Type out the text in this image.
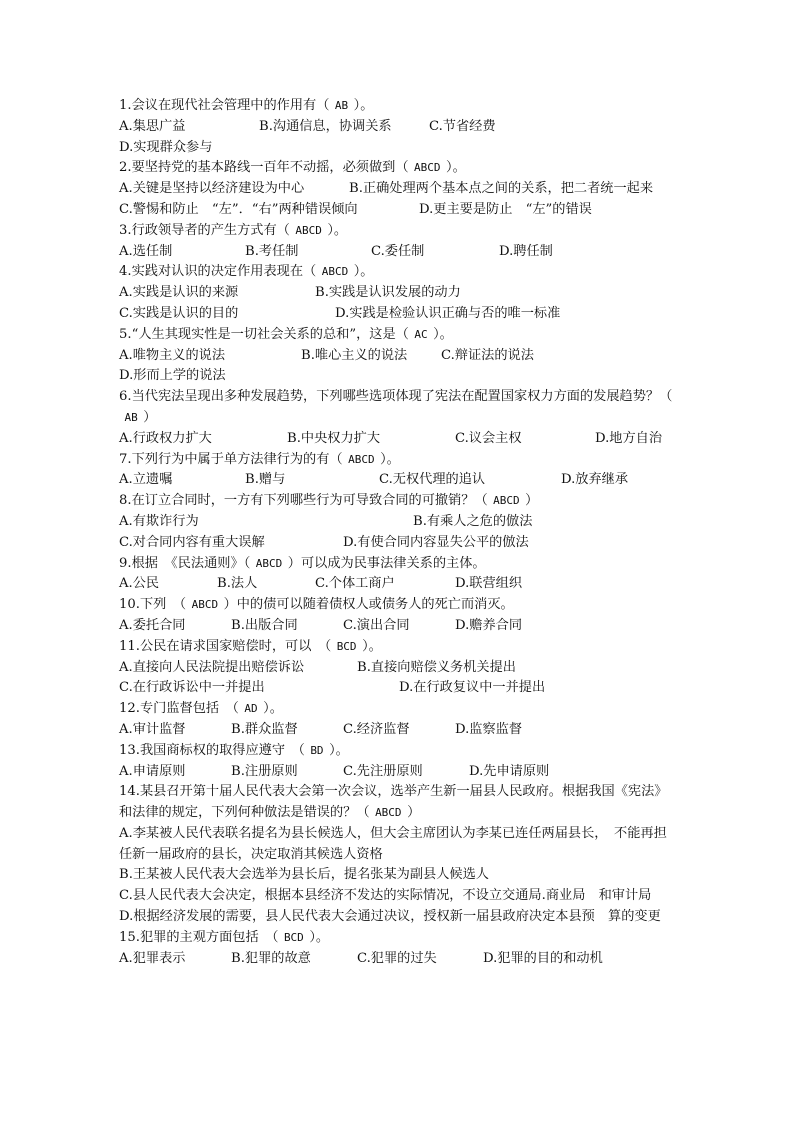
1.会议在现代社会管理中的作用有（ AB ）。
A.集思广益	B.沟通信息，协调关系	C.节省经费
D.实现群众参与
2.要坚持党的基本路线一百年不动摇，必须做到（ ABCD ）。
A.关键是坚持以经济建设为中心	B.正确处理两个基本点之间的关系，把二者统一起来
C.警惕和防止　“左”．“右”两种错误倾向	D.更主要是防止　“左”的错误
3.行政领导者的产生方式有（ ABCD ）。
A.选任制	B.考任制	C.委任制	D.聘任制
4.实践对认识的决定作用表现在（ ABCD ）。
A.实践是认识的来源	B.实践是认识发展的动力
C.实践是认识的目的	D.实践是检验认识正确与否的唯一标准
5.“人生其现实性是一切社会关系的总和”，这是（ AC ）。
A.唯物主义的说法	B.唯心主义的说法	C.辩证法的说法
D.形而上学的说法
6.当代宪法呈现出多种发展趋势，下列哪些选项体现了宪法在配置国家权力方面的发展趋势？（AB ）
A.行政权力扩大	B.中央权力扩大	C.议会主权	D.地方自治
7.下列行为中属于单方法律行为的有（ ABCD ）。
A.立遗嘱	B.赠与	C.无权代理的追认	D.放弃继承
8.在订立合同时，一方有下列哪些行为可导致合同的可撤销？（ ABCD ）
A.有欺诈行为	B.有乘人之危的倣法
C.对合同内容有重大误解	D.有使合同内容显失公平的倣法
9.根据　《民法通则》（ ABCD ）可以成为民事法律关系的主体。
A.公民	B.法人	C.个体工商户	D.联营组织
10.下列　（ ABCD ）中的债可以随着债权人或债务人的死亡而消灭。
A.委托合同	B.出版合同	C.演出合同	D.赡养合同
11.公民在请求国家赔偿时，可以　（ BCD ）。
A.直接向人民法院提出赔偿诉讼	B.直接向赔偿义务机关提出
C.在行政诉讼中一并提出	D.在行政复议中一并提出
12.专门监督包括　（ AD ）。
A.审计监督	B.群众监督	C.经济监督	D.监察监督
13.我国商标权的取得应遵守　（ BD ）。
A.申请原则	B.注册原则	C.先注册原则	D.先申请原则
14.某县召开第十届人民代表大会第一次会议，选举产生新一届县人民政府。根据我国《宪法》和法律的规定，下列何种倣法是错误的？（ ABCD ）
A.李某被人民代表联名提名为县长候选人，但大会主席团认为李某已连任两届县长，　不能再担任新一届政府的县长，决定取消其候选人资格
B.王某被人民代表大会选举为县长后，提名张某为副县人候选人
C.县人民代表大会决定，根据本县经济不发达的实际情况，不设立交通局.商业局　和审计局
D.根据经济发展的需要，县人民代表大会通过决议，授权新一届县政府决定本县预　算的变更
15.犯罪的主观方面包括　（ BCD ）。
A.犯罪表示	B.犯罪的故意	C.犯罪的过失	D.犯罪的目的和动机
